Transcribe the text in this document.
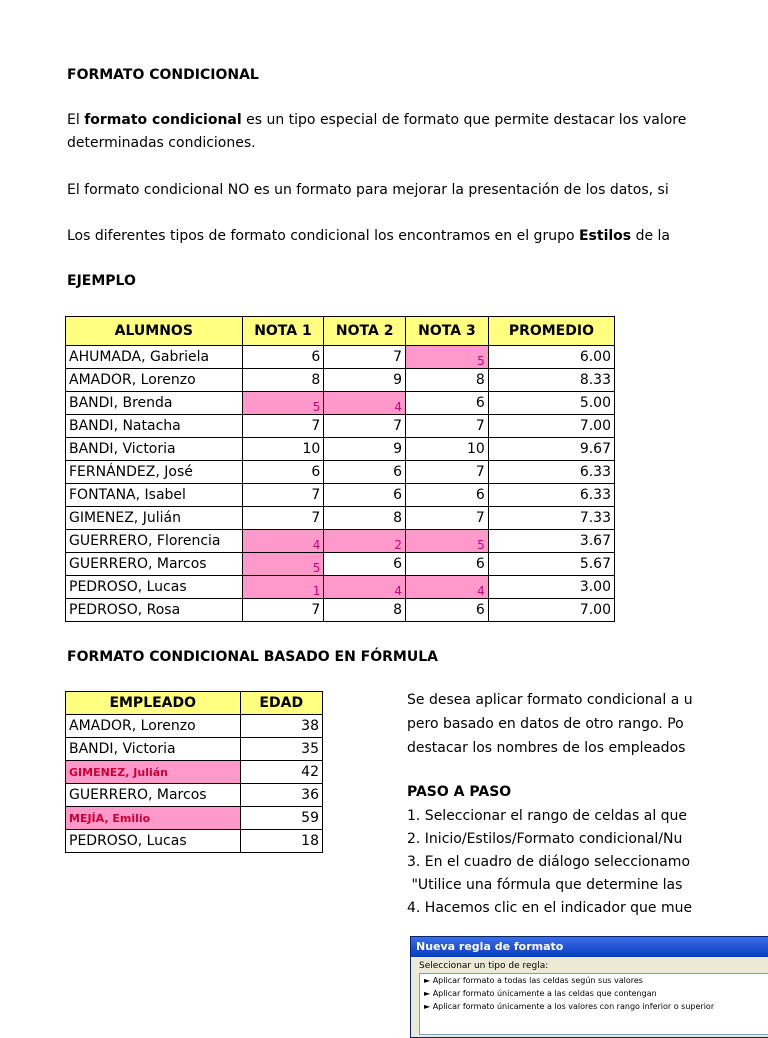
FORMATO CONDICIONAL
El formato condicional es un tipo especial de formato que permite destacar los valore
determinadas condiciones.
El formato condicional NO es un formato para mejorar la presentación de los datos, si
Los diferentes tipos de formato condicional los encontramos en el grupo Estilos de la
EJEMPLO
ALUMNOS	NOTA 1	NOTA 2	NOTA 3	PROMEDIO
AHUMADA, Gabriela	6	7	5	6.00
AMADOR, Lorenzo	8	9	8	8.33
BANDI, Brenda	5	4	6	5.00
BANDI, Natacha	7	7	7	7.00
BANDI, Victoria	10	9	10	9.67
FERNÁNDEZ, José	6	6	7	6.33
FONTANA, Isabel	7	6	6	6.33
GIMENEZ, Julián	7	8	7	7.33
GUERRERO, Florencia	4	2	5	3.67
GUERRERO, Marcos	5	6	6	5.67
PEDROSO, Lucas	1	4	4	3.00
PEDROSO, Rosa	7	8	6	7.00
FORMATO CONDICIONAL BASADO EN FÓRMULA
EMPLEADO	EDAD
AMADOR, Lorenzo	38
BANDI, Victoria	35
GIMENEZ, Julián	42
GUERRERO, Marcos	36
MEJÍA, Emilio	59
PEDROSO, Lucas	18
Se desea aplicar formato condicional a u
pero basado en datos de otro rango. Po
destacar los nombres de los empleados
PASO A PASO
1. Seleccionar el rango de celdas al que
2. Inicio/Estilos/Formato condicional/Nu
3. En el cuadro de diálogo seleccionamo
"Utilice una fórmula que determine las
4. Hacemos clic en el indicador que mue
Nueva regla de formato
Seleccionar un tipo de regla:
► Aplicar formato a todas las celdas según sus valores
► Aplicar formato únicamente a las celdas que contengan
► Aplicar formato únicamente a los valores con rango inferior o superior
